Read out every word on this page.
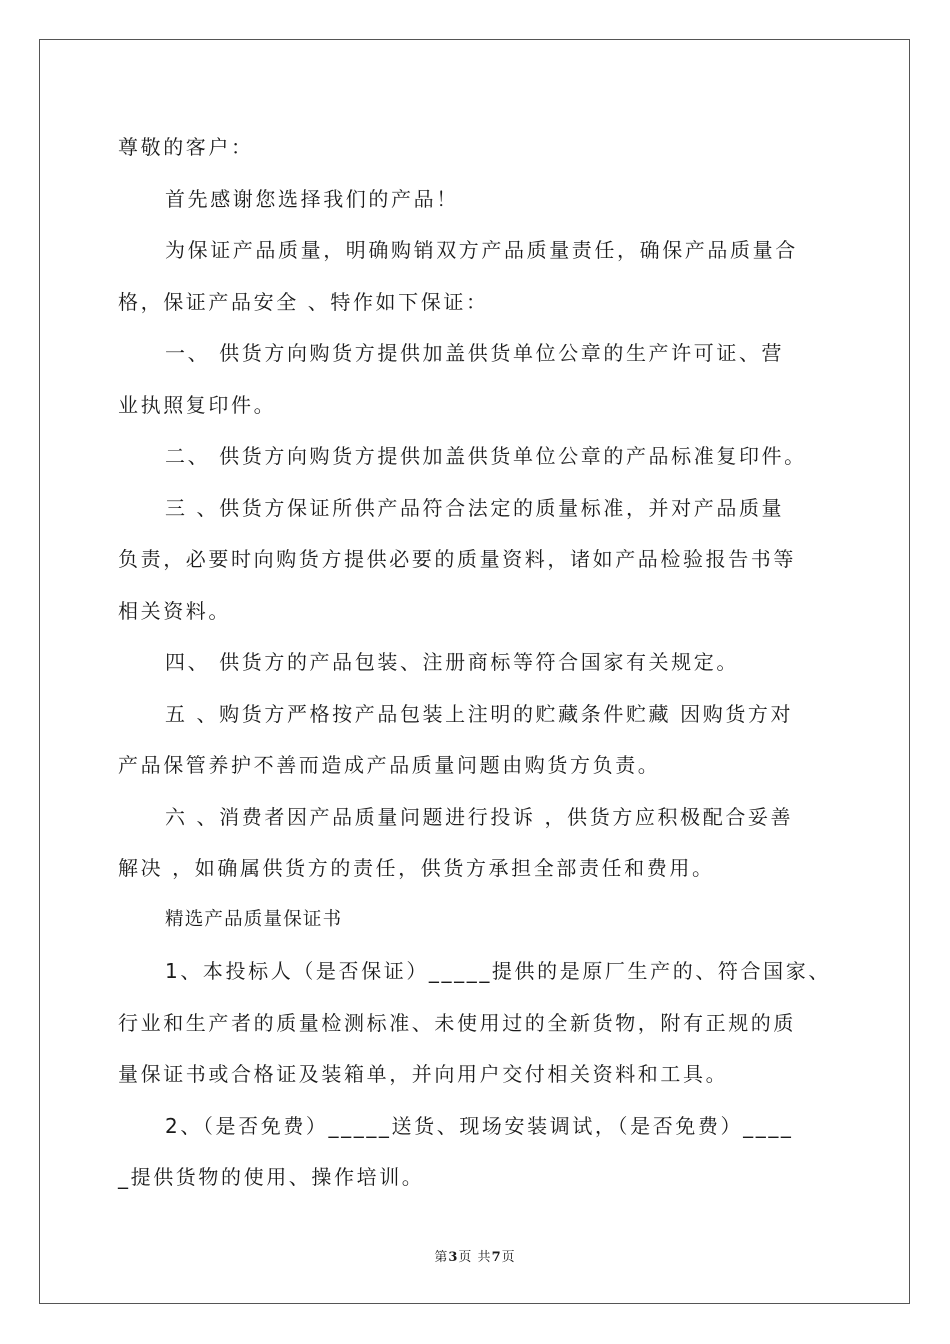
尊敬的客户：
首先感谢您选择我们的产品！
为保证产品质量，明确购销双方产品质量责任，确保产品质量合
格，保证产品安全 、特作如下保证：
一、 供货方向购货方提供加盖供货单位公章的生产许可证、营
业执照复印件。
二、 供货方向购货方提供加盖供货单位公章的产品标准复印件。
三 、供货方保证所供产品符合法定的质量标准，并对产品质量
负责，必要时向购货方提供必要的质量资料，诸如产品检验报告书等
相关资料。
四、 供货方的产品包装、注册商标等符合国家有关规定。
五 、购货方严格按产品包装上注明的贮藏条件贮藏 因购货方对
产品保管养护不善而造成产品质量问题由购货方负责。
六 、消费者因产品质量问题进行投诉 ，供货方应积极配合妥善
解决 ，如确属供货方的责任，供货方承担全部责任和费用。
精选产品质量保证书
1、本投标人（是否保证）_____提供的是原厂生产的、符合国家、
行业和生产者的质量检测标准、未使用过的全新货物，附有正规的质
量保证书或合格证及装箱单，并向用户交付相关资料和工具。
2、（是否免费）_____送货、现场安装调试，（是否免费）____
_提供货物的使用、操作培训。
第3页 共7页
